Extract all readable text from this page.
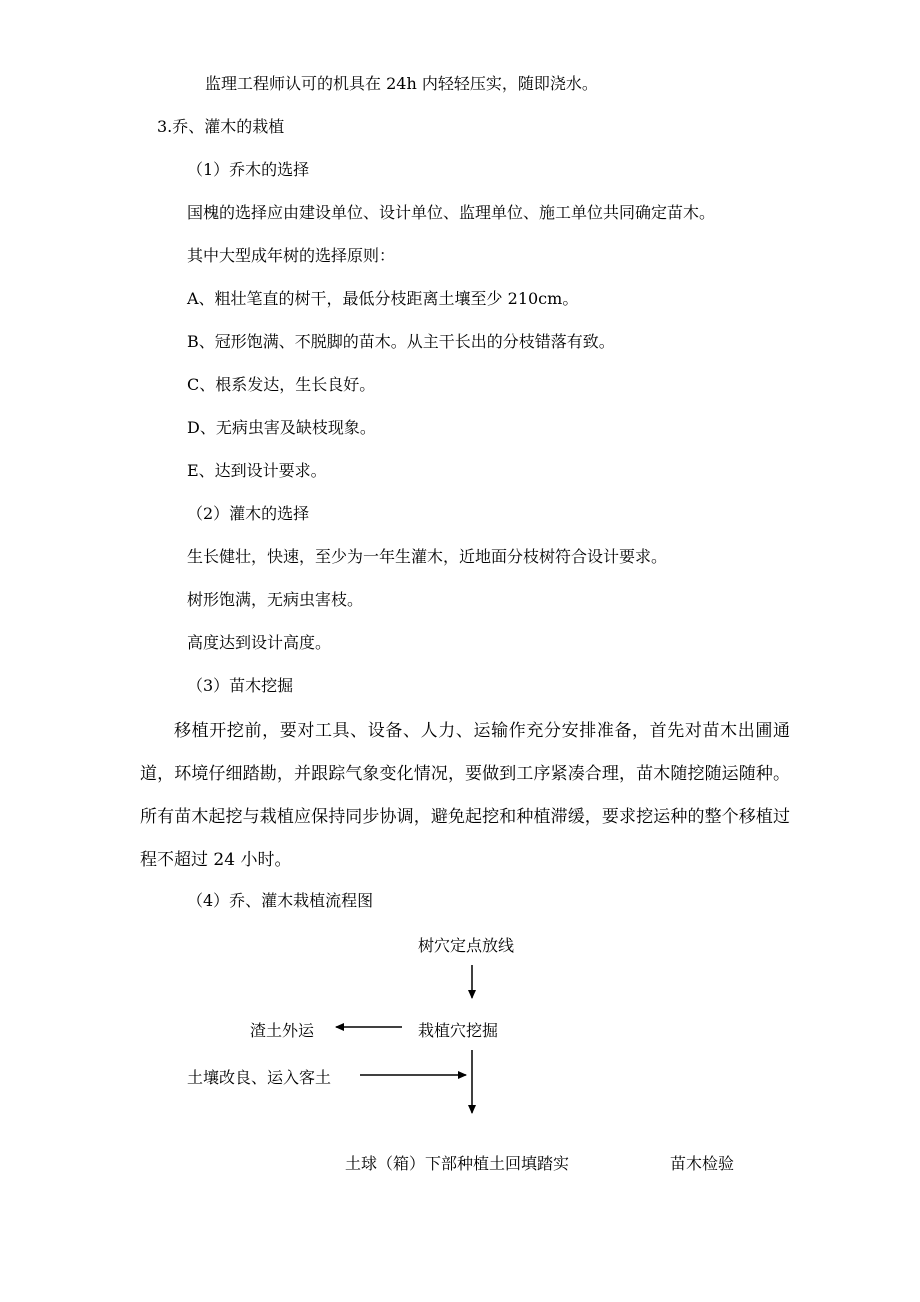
监理工程师认可的机具在 24h 内轻轻压实，随即浇水。
3.乔、灌木的栽植
（1）乔木的选择
国槐的选择应由建设单位、设计单位、监理单位、施工单位共同确定苗木。
其中大型成年树的选择原则：
A、粗壮笔直的树干，最低分枝距离土壤至少 210cm。
B、冠形饱满、不脱脚的苗木。从主干长出的分枝错落有致。
C、根系发达，生长良好。
D、无病虫害及缺枝现象。
E、达到设计要求。
（2）灌木的选择
生长健壮，快速，至少为一年生灌木，近地面分枝树符合设计要求。
树形饱满，无病虫害枝。
高度达到设计高度。
（3）苗木挖掘
移植开挖前，要对工具、设备、人力、运输作充分安排准备，首先对苗木出圃通道，环境仔细踏勘，并跟踪气象变化情况，要做到工序紧凑合理，苗木随挖随运随种。所有苗木起挖与栽植应保持同步协调，避免起挖和种植滞缓，要求挖运种的整个移植过程不超过 24 小时。
（4）乔、灌木栽植流程图
树穴定点放线
栽植穴挖掘
渣土外运
土壤改良、运入客土
土球（箱）下部种植土回填踏实	苗木检验
